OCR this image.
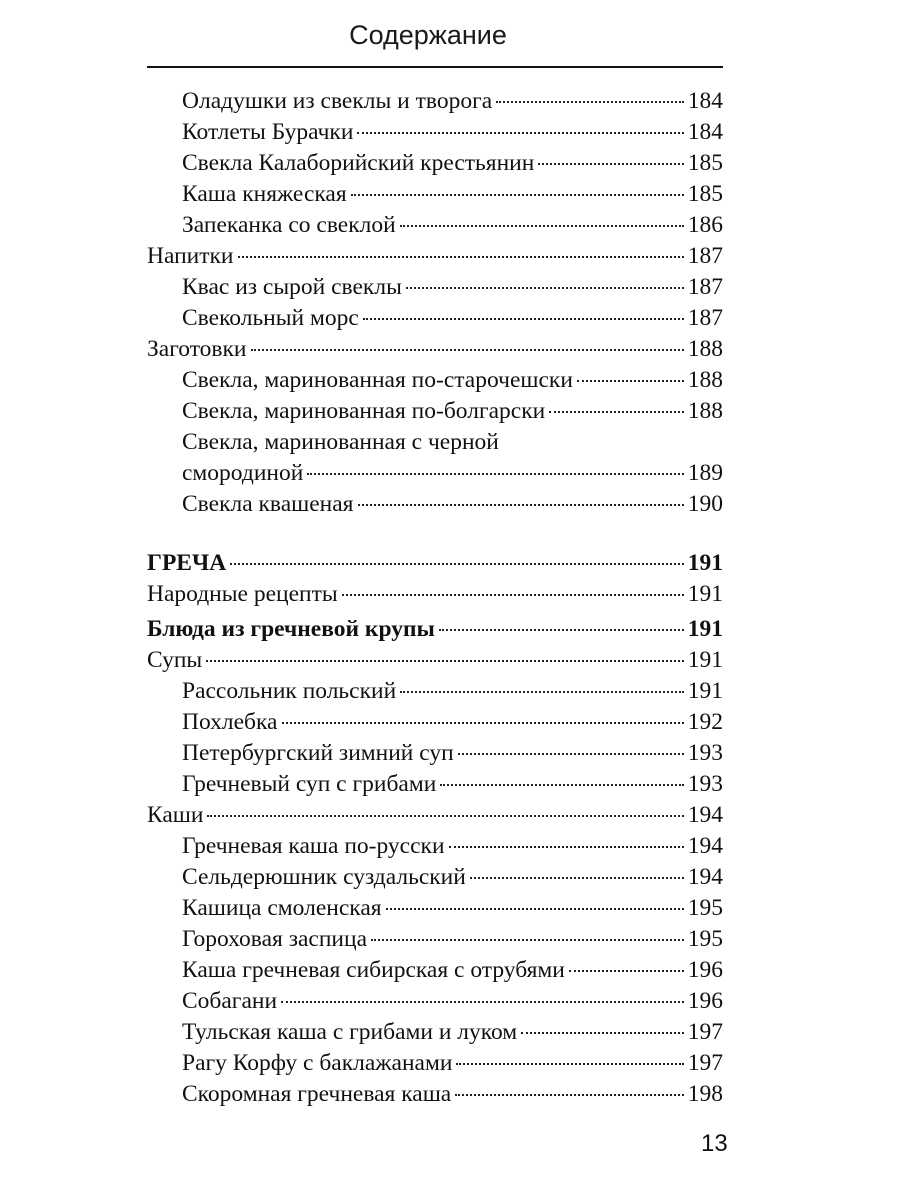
Содержание
Оладушки из свеклы и творога	184
Котлеты Бурачки	184
Свекла Калаборийский крестьянин	185
Каша княжеская	185
Запеканка со свеклой	186
Напитки	187
Квас из сырой свеклы	187
Свекольный морс	187
Заготовки	188
Свекла, маринованная по-старочешски	188
Свекла, маринованная по-болгарски	188
Свекла, маринованная с черной
смородиной	189
Свекла квашеная	190
ГРЕЧА	191
Народные рецепты	191
Блюда из гречневой крупы	191
Супы	191
Рассольник польский	191
Похлебка	192
Петербургский зимний суп	193
Гречневый суп с грибами	193
Каши	194
Гречневая каша по-русски	194
Сельдерюшник суздальский	194
Кашица смоленская	195
Гороховая заспица	195
Каша гречневая сибирская с отрубями	196
Собагани	196
Тульская каша с грибами и луком	197
Рагу Корфу с баклажанами	197
Скоромная гречневая каша	198
13
